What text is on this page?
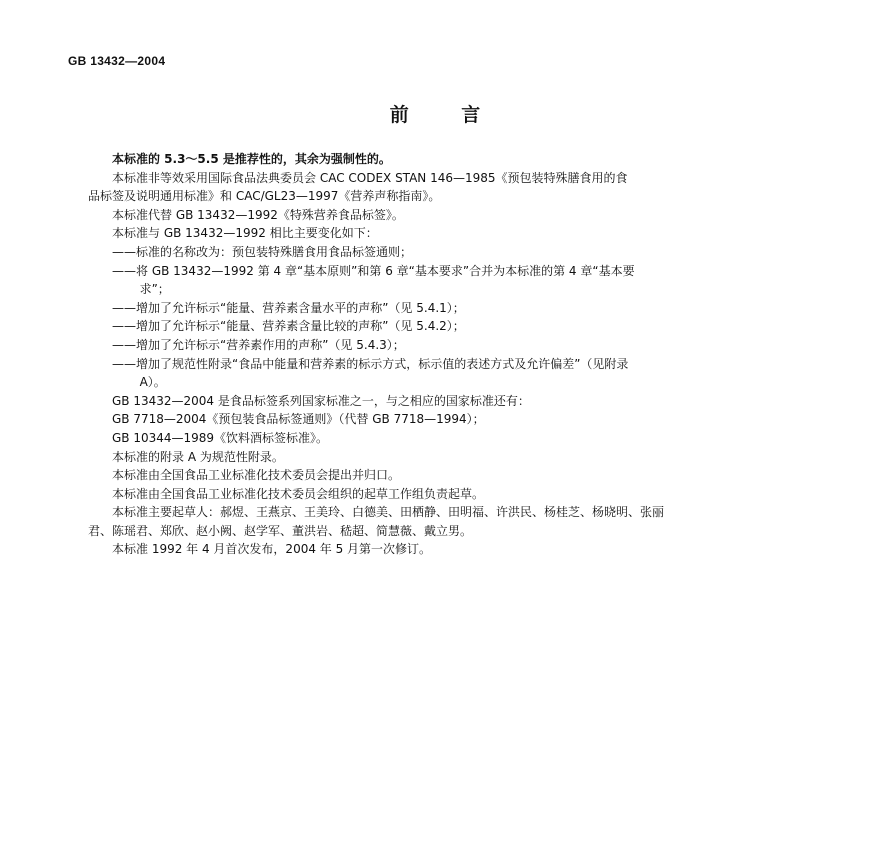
GB 13432—2004
前 言

本标准的 5.3～5.5 是推荐性的，其余为强制性的。

本标准非等效采用国际食品法典委员会 CAC CODEX STAN 146—1985《预包装特殊膳食用的食
品标签及说明通用标准》和 CAC/GL23—1997《营养声称指南》。

本标准代替 GB 13432—1992《特殊营养食品标签》。

本标准与 GB 13432—1992 相比主要变化如下：

——标准的名称改为：预包装特殊膳食用食品标签通则；

——将 GB 13432—1992 第 4 章“基本原则”和第 6 章“基本要求”合并为本标准的第 4 章“基本要
求”；

——增加了允许标示“能量、营养素含量水平的声称”（见 5.4.1）；

——增加了允许标示“能量、营养素含量比较的声称”（见 5.4.2）；

——增加了允许标示“营养素作用的声称”（见 5.4.3）；

——增加了规范性附录“食品中能量和营养素的标示方式，标示值的表述方式及允许偏差”（见附录
A）。

GB 13432—2004 是食品标签系列国家标准之一，与之相应的国家标准还有：

GB 7718—2004《预包装食品标签通则》（代替 GB 7718—1994）；

GB 10344—1989《饮料酒标签标准》。

本标准的附录 A 为规范性附录。

本标准由全国食品工业标准化技术委员会提出并归口。

本标准由全国食品工业标准化技术委员会组织的起草工作组负责起草。

本标准主要起草人：郝煜、王燕京、王美玲、白德美、田栖静、田明福、许洪民、杨桂芝、杨晓明、张丽
君、陈瑶君、郑欣、赵小阙、赵学军、董洪岩、嵇超、简慧薇、戴立男。

本标准 1992 年 4 月首次发布，2004 年 5 月第一次修订。
